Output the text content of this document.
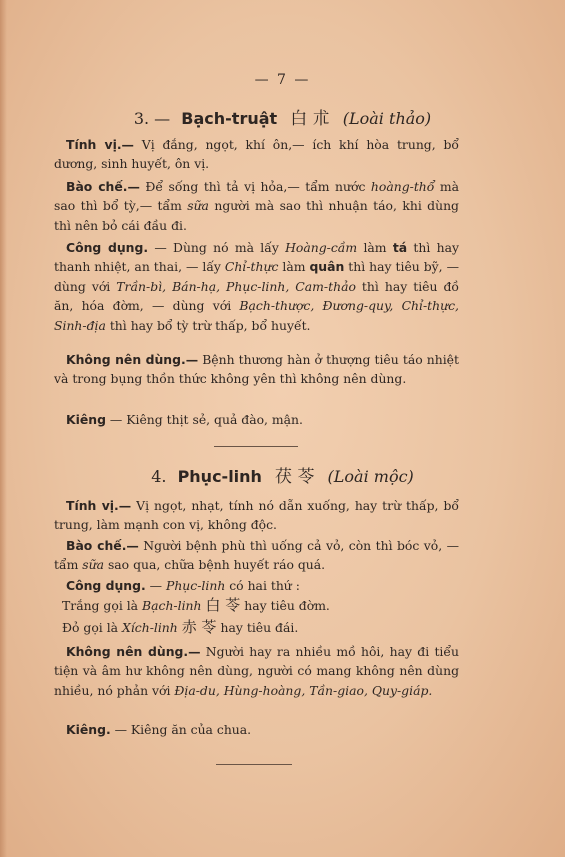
— 7 —
3. — Bạch-truật 白 朮 (Loài thảo)

Tính vị.— Vị đắng, ngọt, khí ôn,— ích khí hòa trung, bổ dương, sinh huyết, ôn vị.

Bào chế.— Để sống thì tả vị hỏa,— tẩm nước hoàng-thổ mà sao thì bổ tỳ,— tẩm sữa người mà sao thì nhuận táo, khi dùng thì nên bỏ cái đầu đi.

Công dụng. — Dùng nó mà lấy Hoàng-cầm làm tá thì hay thanh nhiệt, an thai, — lấy Chỉ-thực làm quân thì hay tiêu bỹ, — dùng với Trần-bì, Bán-hạ, Phục-linh, Cam-thảo thì hay tiêu đồ ăn, hóa đờm, — dùng với Bạch-thược, Đương-quy, Chỉ-thực, Sinh-địa thì hay bổ tỳ trừ thấp, bổ huyết.

Không nên dùng.— Bệnh thương hàn ở thượng tiêu táo nhiệt và trong bụng thồn thức không yên thì không nên dùng.

Kiêng — Kiêng thịt sẻ, quả đào, mận.

4. Phục-linh 茯 苓 (Loài mộc)

Tính vị.— Vị ngọt, nhạt, tính nó dẫn xuống, hay trừ thấp, bổ trung, làm mạnh con vị, không độc.

Bào chế.— Người bệnh phù thì uống cả vỏ, còn thì bóc vỏ, — tẩm sữa sao qua, chữa bệnh huyết ráo quá.

Công dụng. — Phục-linh có hai thứ :

Trắng gọi là Bạch-linh 白 苓 hay tiêu đờm.
Đỏ gọi là Xích-linh 赤 苓 hay tiêu đái.

Không nên dùng.— Người hay ra nhiều mồ hôi, hay đi tiểu tiện và âm hư không nên dùng, người có mang không nên dùng nhiều, nó phản với Địa-du, Hùng-hoàng, Tần-giao, Quy-giáp.

Kiêng. — Kiêng ăn của chua.
